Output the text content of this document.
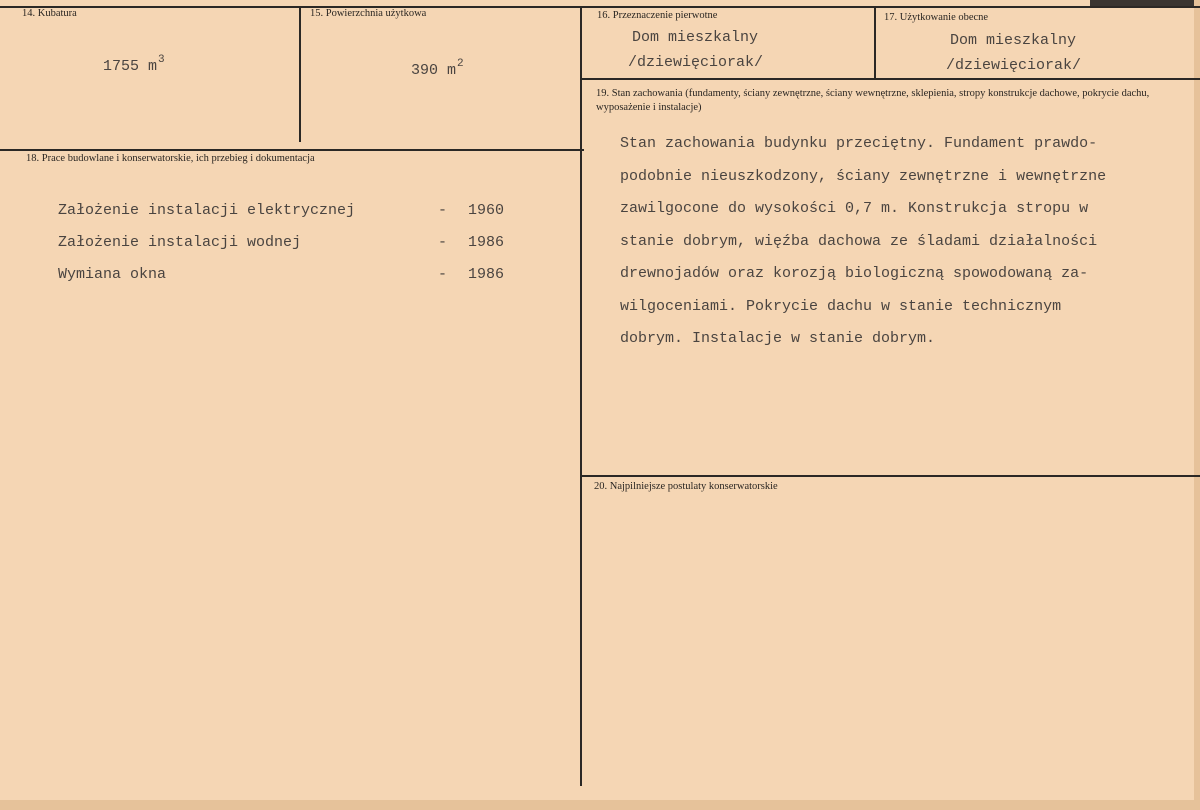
14. Kubatura
1755 $m^3$
15. Powierzchnia użytkowa
390 $m^2$
16. Przeznaczenie pierwotne
Dom mieszkalny
/dziewięciorak/
17. Użytkowanie obecne
Dom mieszkalny
/dziewięciorak/
18. Prace budowlane i konserwatorskie, ich przebieg i dokumentacja
Założenie instalacji elektrycznej	- 1960
Założenie instalacji wodnej	- 1986
Wymiana okna	- 1986
19. Stan zachowania (fundamenty, ściany zewnętrzne, ściany wewnętrzne, sklepienia, stropy konstrukcje dachowe, pokrycie dachu, wyposażenie i instalacje)
Stan zachowania budynku przeciętny. Fundament prawdo-
podobnie nieuszkodzony, ściany zewnętrzne i wewnętrzne
zawilgocone do wysokości 0,7 m. Konstrukcja stropu w
stanie dobrym, więźba dachowa ze śladami działalności
drewnojadów oraz korozją biologiczną spowodowaną za-
wilgoceniami. Pokrycie dachu w stanie technicznym
dobrym. Instalacje w stanie dobrym.
20. Najpilniejsze postulaty konserwatorskie
